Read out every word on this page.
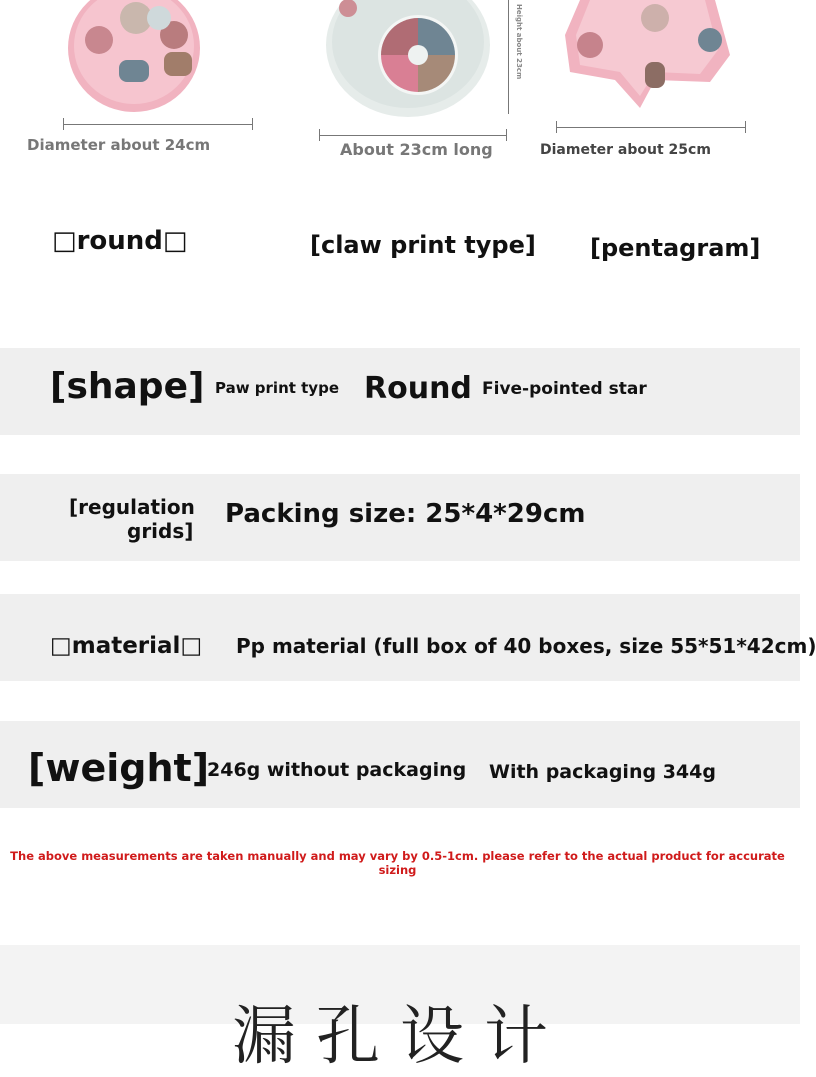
Diameter about 24cm
Height about 23cm
About 23cm long	Diameter about 25cm
□round□	[claw print type] [pentagram]
[shape] Paw print type Round Five-pointed star
[regulation
grids]
Packing size: 25*4*29cm
□material□ Pp material (full box of 40 boxes, size 55*51*42cm)
[weight]
246g without packaging With packaging 344g
The above measurements are taken manually and may vary by 0.5-1cm. please refer to the actual product for accurate sizing
漏孔设计
